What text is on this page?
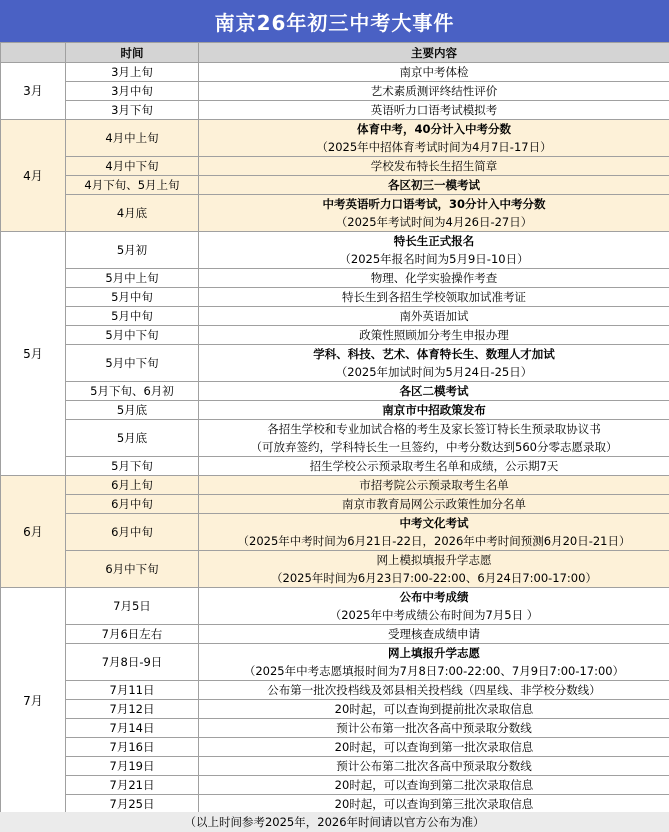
南京26年初三中考大事件
	时间	主要内容
3月	3月上旬	南京中考体检

	3月中旬	艺术素质测评终结性评价

	3月下旬	英语听力口语考试模拟考

4月	4月中上旬	体育中考，40分计入中考分数
（2025年中招体育考试时间为4月7日-17日）

	4月中下旬	学校发布特长生招生简章

	4月下旬、5月上旬	各区初三一模考试

	4月底	中考英语听力口语考试，30分计入中考分数
（2025年考试时间为4月26日-27日）

5月	5月初	特长生正式报名
（2025年报名时间为5月9日-10日）

	5月中上旬	物理、化学实验操作考查

	5月中旬	特长生到各招生学校领取加试准考证

	5月中旬	南外英语加试

	5月中下旬	政策性照顾加分考生申报办理

	5月中下旬	学科、科技、艺术、体育特长生、数理人才加试
（2025年加试时间为5月24日-25日）

	5月下旬、6月初	各区二模考试

	5月底	南京市中招政策发布

	5月底	各招生学校和专业加试合格的考生及家长签订特长生预录取协议书
（可放弃签约，学科特长生一旦签约，中考分数达到560分零志愿录取）

	5月下旬	招生学校公示预录取考生名单和成绩，公示期7天

6月	6月上旬	市招考院公示预录取考生名单

	6月中旬	南京市教育局网公示政策性加分名单

	6月中旬	中考文化考试
（2025年中考时间为6月21日-22日，2026年中考时间预测6月20日-21日）

	6月中下旬	网上模拟填报升学志愿
（2025年时间为6月23日7:00-22:00、6月24日7:00-17:00）

7月	7月5日	公布中考成绩
（2025年中考成绩公布时间为7月5日 ）

	7月6日左右	受理核查成绩申请

	7月8日-9日	网上填报升学志愿
（2025年中考志愿填报时间为7月8日7:00-22:00、7月9日7:00-17:00）

	7月11日	公布第一批次投档线及郊县相关投档线（四星线、非学校分数线）

	7月12日	20时起，可以查询到提前批次录取信息

	7月14日	预计公布第一批次各高中预录取分数线

	7月16日	20时起，可以查询到第一批次录取信息

	7月19日	预计公布第二批次各高中预录取分数线

	7月21日	20时起，可以查询到第二批次录取信息

	7月25日	20时起，可以查询到第三批次录取信息
（以上时间参考2025年，2026年时间请以官方公布为准）
